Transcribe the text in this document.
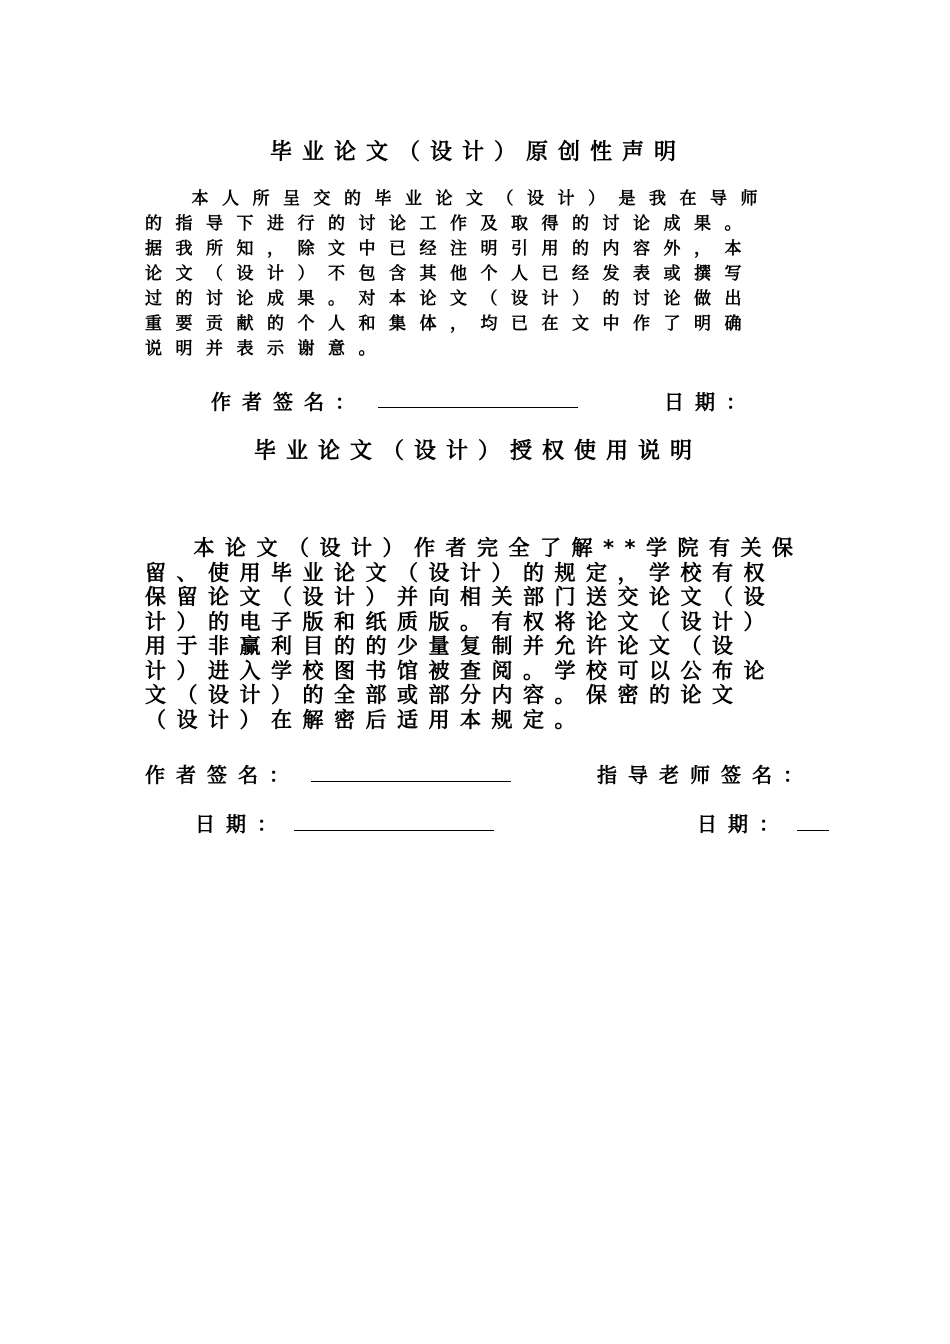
毕业论文（设计）原创性声明
　本人所呈交的毕业论文（设计）是我在导师
的指导下进行的讨论工作及取得的讨论成果。
据我所知，除文中已经注明引用的内容外，本
论文（设计）不包含其他个人已经发表或撰写
过的讨论成果。对本论文（设计）的讨论做出
重要贡献的个人和集体，均已在文中作了明确
说明并表示谢意。
作者签名：	日期：
毕业论文（设计）授权使用说明
　本论文（设计）作者完全了解**学院有关保
留、使用毕业论文（设计）的规定，学校有权
保留论文（设计）并向相关部门送交论文（设
计）的电子版和纸质版。有权将论文（设计）
用于非赢利目的的少量复制并允许论文（设
计）进入学校图书馆被查阅。学校可以公布论
文（设计）的全部或部分内容。保密的论文
（设计）在解密后适用本规定。
作者签名：	指导老师签名：
日期：	日期：
